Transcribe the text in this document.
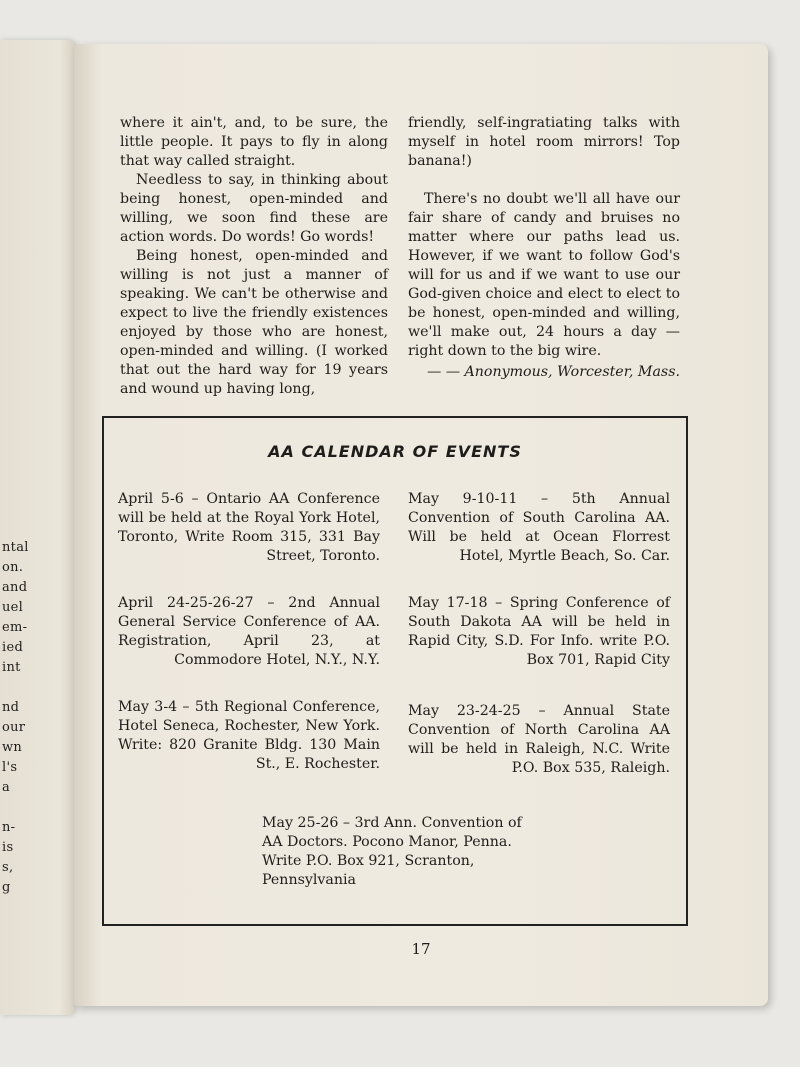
ntal
on.
and
uel
em-
ied
int

nd
our
wn
l's
a

n-
is
s,
g

where it ain't, and, to be sure, the little people. It pays to fly in along that way called straight.

Needless to say, in thinking about being honest, open-minded and willing, we soon find these are action words. Do words! Go words!

Being honest, open-minded and willing is not just a manner of speaking. We can't be otherwise and expect to live the friendly existences enjoyed by those who are honest, open-minded and willing. (I worked that out the hard way for 19 years and wound up having long,

friendly, self-ingratiating talks with myself in hotel room mirrors! Top banana!)

There's no doubt we'll all have our fair share of candy and bruises no matter where our paths lead us. However, if we want to follow God's will for us and if we want to use our God-given choice and elect to elect to be honest, open-minded and willing, we'll make out, 24 hours a day — right down to the big wire.

— — Anonymous, Worcester, Mass.

AA CALENDAR OF EVENTS
April 5-6 – Ontario AA Conference will be held at the Royal York Hotel, Toronto, Write Room 315, 331 Bay Street, Toronto.
April 24-25-26-27 – 2nd Annual General Service Conference of AA. Registration, April 23, at Commodore Hotel, N.Y., N.Y.
May 3-4 – 5th Regional Conference, Hotel Seneca, Rochester, New York. Write: 820 Granite Bldg. 130 Main St., E. Rochester.
May 9-10-11 – 5th Annual Convention of South Carolina AA. Will be held at Ocean Florrest Hotel, Myrtle Beach, So. Car.
May 17-18 – Spring Conference of South Dakota AA will be held in Rapid City, S.D. For Info. write P.O. Box 701, Rapid City
May 23-24-25 – Annual State Convention of North Carolina AA will be held in Raleigh, N.C. Write P.O. Box 535, Raleigh.
May 25-26 – 3rd Ann. Convention of AA Doctors. Pocono Manor, Penna. Write P.O. Box 921, Scranton, Pennsylvania
17
